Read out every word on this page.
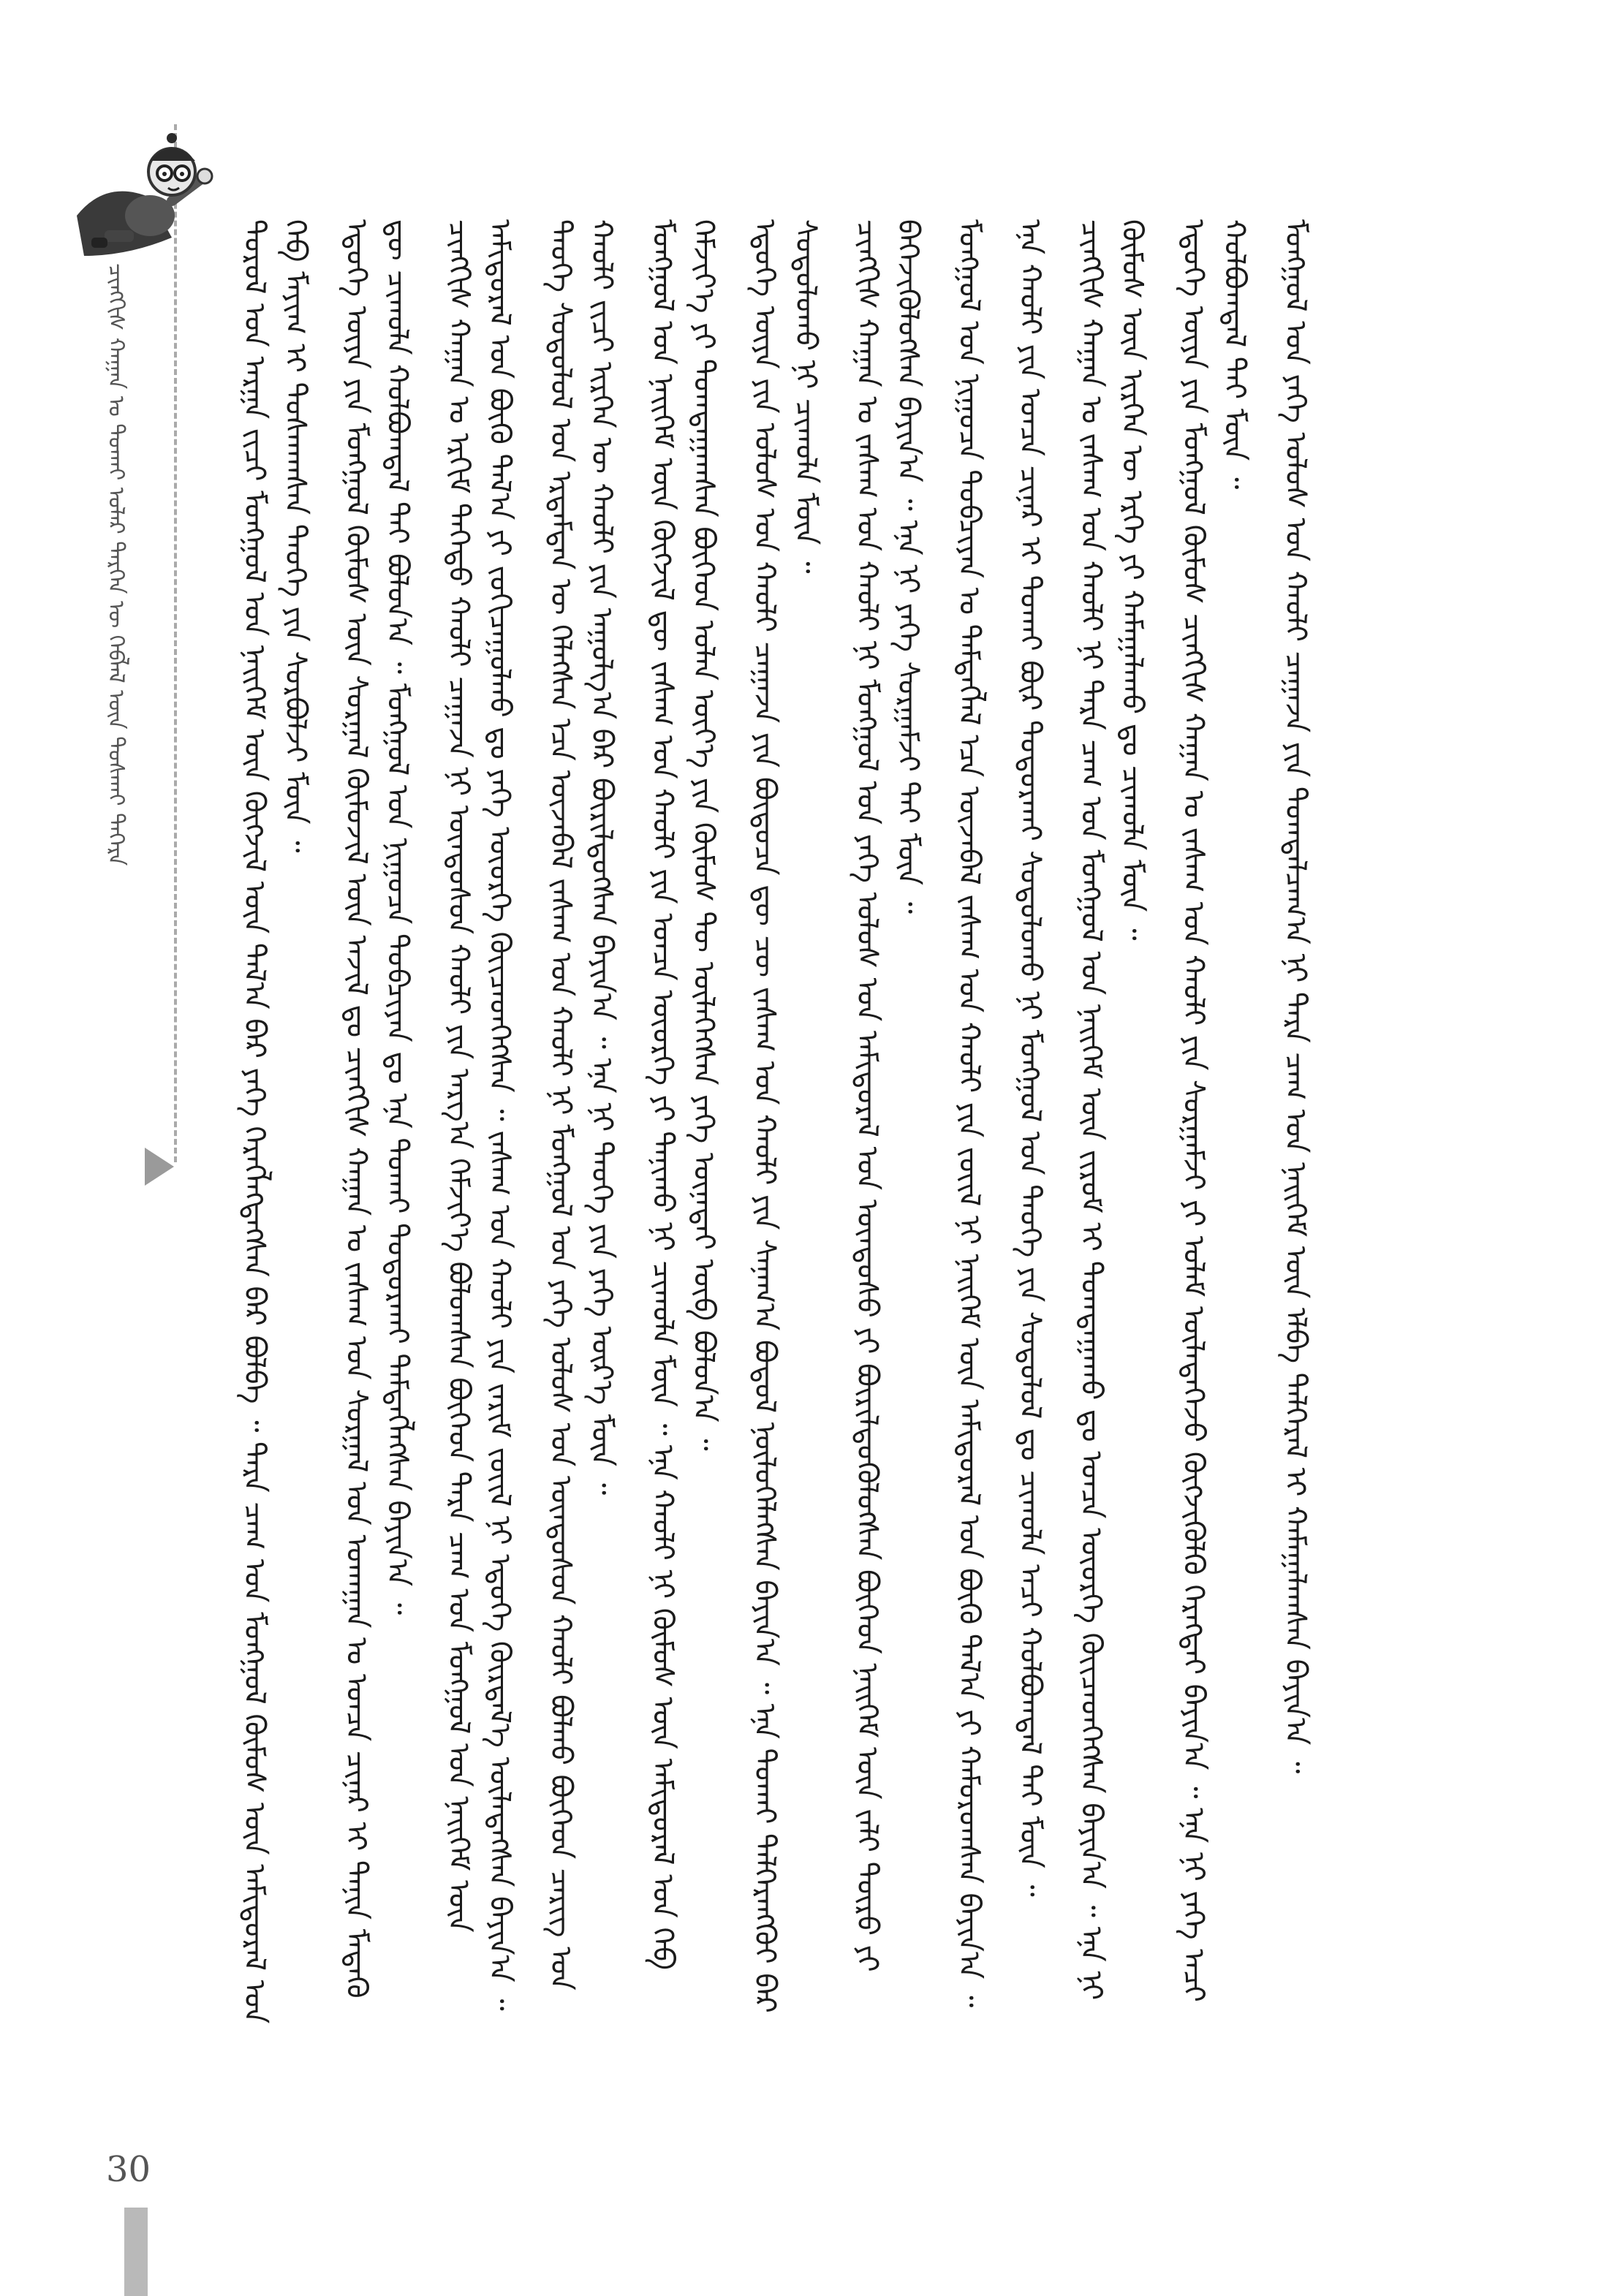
ᠴᠢᠩᠭᠢᠰ ᠬᠠᠭᠠᠨ ᠤ ᠲᠣᠬᠠᠢ ᠤᠯᠠᠷ ᠲᠡᠷᠭᠡᠨ ᠦ ᠬᠡᠪᠯᠡᠯ ᠦᠨ ᠲᠤᠰᠬᠠᠢ ᠳᠡᠭᠡᠷᠡ	ᠲᠤᠷᠤᠯ ᠤᠨ ᠠᠷᠭᠠ ᠵᠢᠴᠢ ᠮᠣᠩᠭᠣᠯ ᠤᠨ ᠨᠡᠢᠭᠡᠮ ᠦᠨ ᠬᠥᠭᠵᠢᠯ ᠦᠨ ᠲᠠᠯ᠎ᠠ ᠪᠠᠷ ᠶᠡᠬᠡ ᠬᠡᠷᠡᠭᠯᠡᠭᠳᠡᠭᠰᠡᠨ ᠪᠡᠷ ᠪᠣᠯᠪᠠ ᠃ ᠲᠡᠷᠡ ᠴᠠᠭ ᠤᠨ ᠮᠣᠩᠭᠣᠯ ᠬᠦᠮᠦᠰ ᠦᠨ ᠠᠮᠢᠳᠤᠷᠠᠯ ᠤᠨ ᠬᠡᠪ ᠮᠠᠶᠢᠭ ᠢ ᠲᠤᠰᠬᠠᠭᠰᠠᠨ ᠲᠡᠦᠬᠡ ᠶᠢᠨ ᠰᠤᠷᠪᠤᠯᠵᠢ ᠮᠥᠨ ᠃ ᠡᠳᠦᠭᠡ ᠦᠶᠡ ᠶᠢᠨ ᠮᠣᠩᠭᠣᠯ ᠬᠦᠮᠦᠰ ᠦᠨ ᠰᠤᠷᠭᠠᠯ ᠬᠥᠮᠦᠵᠢᠯ ᠦᠨ ᠠᠵᠢᠯ ᠳᠤ ᠴᠢᠨᠭᠭᠢᠰ ᠬᠠᠭᠠᠨ ᠤ ᠵᠠᠰᠠᠭ ᠤᠨ ᠰᠤᠷᠭᠠᠯ ᠤᠨ ᠤᠬᠠᠭᠠᠨ ᠤ ᠣᠨᠴᠠ ᠴᠢᠨᠠᠷ ᠢ ᠲᠠᠨᠢᠨ ᠮᠡᠳᠡᠬᠦ ᠳᠦ ᠴᠢᠬᠤᠯᠠ ᠬᠣᠯᠪᠣᠭᠳᠠᠯ ᠲᠠᠢ ᠪᠣᠯᠤᠨ᠎ᠠ ᠃ ᠮᠣᠩᠭᠣᠯ ᠤᠨ ᠨᠢᠭᠤᠴᠠ ᠲᠣᠪᠴᠢᠶᠠᠨ ᠳᠤ ᠡᠨᠡ ᠲᠤᠬᠠᠢ ᠲᠣᠳᠣᠷᠬᠠᠢ ᠲᠡᠮᠳᠡᠭᠯᠡᠭᠰᠡᠨ ᠪᠠᠶᠢᠨ᠎ᠠ ᠃ ᠴᠢᠩᠭᠢᠰ ᠬᠠᠭᠠᠨ ᠤ ᠡᠷᠬᠢᠮ ᠳᠡᠭᠡᠳᠦ ᠬᠠᠤᠯᠢ ᠴᠠᠭᠠᠵᠠ ᠨᠢ ᠦᠨᠳᠦᠰᠦᠨ ᠬᠠᠤᠯᠢ ᠶᠢᠨ ᠠᠷᠭ᠎ᠠ ᠬᠡᠮᠵᠢᠶ᠎ᠡ ᠪᠣᠯᠤᠭᠰᠠᠨ ᠪᠥᠭᠡᠳ ᠲᠡᠷᠡ ᠴᠠᠭ ᠤᠨ ᠮᠣᠩᠭᠣᠯ ᠤᠨ ᠨᠡᠢᠭᠡᠮ ᠦᠨ ᠠᠮᠢᠳᠤᠷᠠᠯ ᠤᠨ ᠪᠦᠬᠦ ᠲᠠᠯ᠎ᠠ ᠶᠢ ᠵᠣᠬᠢᠴᠠᠭᠤᠯᠬᠤ ᠳᠤ ᠶᠡᠬᠡ ᠦᠦᠷᠭᠡ ᠭᠦᠢᠴᠡᠳᠭᠡᠭᠰᠡᠨ ᠃ ᠵᠠᠰᠠᠭ ᠤᠨ ᠬᠠᠤᠯᠢ ᠶᠢᠨ ᠵᠠᠷᠢᠮ ᠵᠦᠢᠯ ᠨᠢ ᠡᠳᠦᠭᠡ ᠬᠦᠷᠲᠡᠯ᠎ᠡ ᠦᠯᠡᠳᠡᠭᠰᠡᠨ ᠪᠠᠶᠢᠨ᠎ᠠ ᠃ ᠲᠡᠦᠬᠡ ᠰᠤᠳᠤᠯᠤᠯ ᠤᠨ ᠡᠷᠳᠡᠮᠳᠡᠨ ᠦ ᠬᠡᠯᠡᠭᠰᠡᠨ ᠡᠴᠡ ᠦᠵᠡᠪᠡᠯ ᠵᠠᠰᠠᠭ ᠤᠨ ᠬᠠᠤᠯᠢ ᠨᠢ ᠮᠣᠩᠭᠣᠯ ᠤᠨ ᠶᠡᠬᠡ ᠤᠯᠤᠰ ᠤᠨ ᠦᠨᠳᠦᠰᠦᠨ ᠬᠠᠤᠯᠢ ᠪᠣᠯᠬᠤ ᠪᠥᠭᠡᠳ ᠴᠡᠷᠢᠭ ᠤᠨ ᠬᠠᠤᠯᠢ ᠵᠢᠴᠢ ᠢᠷᠭᠡᠨ ᠦ ᠬᠠᠤᠯᠢ ᠶᠢᠨ ᠠᠭᠤᠯᠭ᠎ᠠ ᠪᠠᠷ ᠪᠦᠷᠢᠯᠳᠦᠭᠰᠡᠨ ᠪᠠᠶᠢᠨ᠎ᠠ ᠃ ᠡᠨᠡ ᠨᠢ ᠲᠡᠦᠬᠡ ᠶᠢᠨ ᠶᠡᠬᠡ ᠦᠷ᠎ᠡ ᠮᠥᠨ ᠃ ᠮᠣᠩᠭᠣᠯ ᠤᠨ ᠨᠡᠢᠭᠡᠮ ᠦᠨ ᠬᠥᠭᠵᠢᠯ ᠳᠦ ᠵᠠᠰᠠᠭ ᠤᠨ ᠬᠠᠤᠯᠢ ᠶᠢᠨ ᠣᠨᠴᠠ ᠦᠦᠷᠭᠡ ᠶᠢ ᠲᠠᠨᠢᠬᠤ ᠨᠢ ᠴᠢᠬᠤᠯᠠ ᠮᠥᠨ ᠃ ᠡᠨᠡ ᠬᠠᠤᠯᠢ ᠨᠢ ᠬᠦᠮᠦᠰ ᠦᠨ ᠠᠮᠢᠳᠤᠷᠠᠯ ᠤᠨ ᠬᠡᠪ ᠬᠡᠮᠵᠢᠶ᠎ᠡ ᠶᠢ ᠲᠣᠭᠲᠠᠭᠠᠭᠰᠠᠨ ᠪᠥᠭᠡᠳ ᠣᠯᠠᠨ ᠦᠶ᠎ᠡ ᠶᠢᠨ ᠬᠦᠮᠦᠰ ᠲᠦ ᠦᠯᠡᠬᠡᠭᠰᠡᠨ ᠶᠡᠬᠡ ᠦᠨᠡᠲᠡᠢ ᠥᠪ ᠪᠣᠯᠤᠨ᠎ᠠ ᠃ ᠡᠳᠦᠭᠡ ᠦᠶᠡ ᠶᠢᠨ ᠤᠯᠤᠰ ᠤᠨ ᠬᠠᠤᠯᠢ ᠴᠠᠭᠠᠵᠠ ᠶᠢᠨ ᠪᠦᠲᠦᠴᠡ ᠳᠦ ᠴᠦ ᠵᠠᠰᠠᠭ ᠤᠨ ᠬᠠᠤᠯᠢ ᠶᠢᠨ ᠰᠠᠨᠠᠭ᠎ᠠ ᠪᠣᠳᠤᠯ ᠨᠥᠯᠦᠭᠡᠯᠡᠭᠰᠡᠨ ᠪᠠᠶᠢᠨ᠎ᠠ ᠃ ᠡᠨᠡ ᠲᠤᠬᠠᠢ ᠳᠡᠯᠭᠡᠷᠡᠩᠭᠦᠢ ᠪᠡᠷ ᠰᠤᠳᠤᠯᠤᠬᠤ ᠨᠢ ᠴᠢᠬᠤᠯᠠ ᠮᠥᠨ ᠃ ᠴᠢᠩᠭᠢᠰ ᠬᠠᠭᠠᠨ ᠤ ᠵᠠᠰᠠᠭ ᠤᠨ ᠬᠠᠤᠯᠢ ᠨᠢ ᠮᠣᠩᠭᠣᠯ ᠤᠨ ᠶᠡᠬᠡ ᠤᠯᠤᠰ ᠤᠨ ᠠᠮᠢᠳᠤᠷᠠᠯ ᠤᠨ ᠦᠨᠳᠦᠰᠦ ᠶᠢ ᠪᠦᠷᠢᠯᠳᠦᠭᠦᠯᠦᠭᠰᠡᠨ ᠪᠥᠭᠡᠳ ᠨᠡᠢᠭᠡᠮ ᠦᠨ ᠵᠠᠯᠢ ᠲᠥᠷᠦ ᠶᠢ ᠪᠡᠬᠡᠵᠢᠭᠦᠯᠦᠭᠰᠡᠨ ᠪᠠᠶᠢᠨ᠎ᠠ ᠃ ᠡᠨᠡ ᠨᠢ ᠶᠡᠬᠡ ᠰᠤᠷᠭᠠᠮᠵᠢ ᠲᠠᠢ ᠮᠥᠨ ᠃ ᠮᠣᠩᠭᠣᠯ ᠤᠨ ᠨᠢᠭᠤᠴᠠ ᠲᠣᠪᠴᠢᠶᠠᠨ ᠤ ᠲᠡᠮᠳᠡᠭᠯᠡᠯ ᠡᠴᠡ ᠦᠵᠡᠪᠡᠯ ᠵᠠᠰᠠᠭ ᠤᠨ ᠬᠠᠤᠯᠢ ᠶᠢᠨ ᠵᠦᠢᠯ ᠨᠢ ᠨᠡᠢᠭᠡᠮ ᠦᠨ ᠠᠮᠢᠳᠤᠷᠠᠯ ᠤᠨ ᠪᠦᠬᠦ ᠲᠠᠯ᠎ᠠ ᠶᠢ ᠬᠠᠮᠤᠷᠤᠭᠰᠠᠨ ᠪᠠᠶᠢᠨ᠎ᠠ ᠃ ᠡᠨᠡ ᠬᠠᠤᠯᠢ ᠶᠢᠨ ᠣᠨᠴᠠ ᠴᠢᠨᠠᠷ ᠢ ᠲᠤᠬᠠᠢ ᠪᠦᠷ ᠲᠣᠳᠣᠷᠬᠠᠢ ᠰᠤᠳᠤᠯᠤᠬᠤ ᠨᠢ ᠮᠣᠩᠭᠣᠯ ᠤᠨ ᠲᠡᠦᠬᠡ ᠶᠢᠨ ᠰᠤᠳᠤᠯᠤᠯ ᠳᠤ ᠴᠢᠬᠤᠯᠠ ᠠᠴᠢ ᠬᠣᠯᠪᠣᠭᠳᠠᠯ ᠲᠠᠢ ᠮᠥᠨ ᠃ ᠴᠢᠩᠭᠢᠰ ᠬᠠᠭᠠᠨ ᠤ ᠵᠠᠰᠠᠭ ᠤᠨ ᠬᠠᠤᠯᠢ ᠨᠢ ᠲᠡᠷᠡ ᠴᠠᠭ ᠤᠨ ᠮᠣᠩᠭᠣᠯ ᠤᠨ ᠨᠡᠢᠭᠡᠮ ᠦᠨ ᠵᠢᠷᠤᠮ ᠢ ᠲᠣᠭᠲᠠᠭᠠᠬᠤ ᠳᠤ ᠣᠨᠴᠠ ᠦᠦᠷᠭᠡ ᠭᠦᠢᠴᠡᠳᠭᠡᠭᠰᠡᠨ ᠪᠠᠶᠢᠨ᠎ᠠ ᠃ ᠡᠨᠡ ᠨᠢ ᠬᠦᠮᠦᠰ ᠦᠨ ᠢᠷᠭᠡᠨ ᠦ ᠡᠷᠬᠡ ᠶᠢ ᠬᠠᠮᠠᠭᠠᠯᠠᠬᠤ ᠳᠤ ᠴᠢᠬᠤᠯᠠ ᠮᠥᠨ ᠃ ᠡᠳᠦᠭᠡ ᠦᠶᠡ ᠶᠢᠨ ᠮᠣᠩᠭᠣᠯ ᠬᠦᠮᠦᠰ ᠴᠢᠩᠭᠢᠰ ᠬᠠᠭᠠᠨ ᠤ ᠵᠠᠰᠠᠭ ᠤᠨ ᠬᠠᠤᠯᠢ ᠶᠢᠨ ᠰᠤᠷᠭᠠᠮᠵᠢ ᠶᠢ ᠤᠯᠠᠮ ᠦᠯᠡᠳᠡᠭᠡᠵᠦ ᠬᠥᠭᠵᠢᠭᠦᠯᠬᠦ ᠬᠡᠷᠡᠭᠲᠡᠢ ᠪᠠᠶᠢᠨ᠎ᠠ ᠃ ᠡᠨᠡ ᠨᠢ ᠶᠡᠬᠡ ᠠᠴᠢ ᠬᠣᠯᠪᠣᠭᠳᠠᠯ ᠲᠠᠢ ᠮᠥᠨ ᠃ ᠮᠣᠩᠭᠣᠯ ᠤᠨ ᠶᠡᠬᠡ ᠤᠯᠤᠰ ᠤᠨ ᠬᠠᠤᠯᠢ ᠴᠠᠭᠠᠵᠠ ᠶᠢᠨ ᠲᠣᠭᠲᠠᠯᠴᠠᠭ᠎ᠠ ᠨᠢ ᠲᠡᠷᠡ ᠴᠠᠭ ᠤᠨ ᠨᠡᠢᠭᠡᠮ ᠦᠨ ᠡᠯᠪᠡ ᠳᠡᠯᠭᠡᠷᠡᠯ ᠢ ᠬᠠᠮᠠᠭᠠᠯᠠᠭᠰᠠᠨ ᠪᠠᠶᠢᠨ᠎ᠠ ᠃
30
